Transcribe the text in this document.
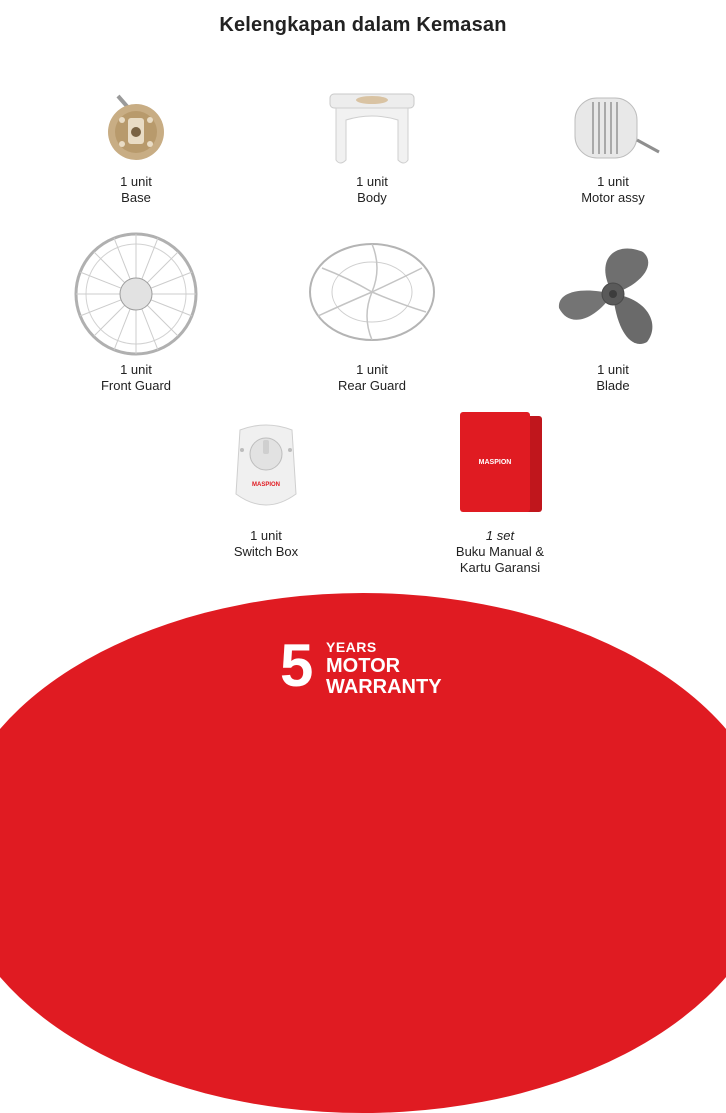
Kelengkapan dalam Kemasan
1 unit
Base
1 unit
Body
1 unit
Motor assy
1 unit
Front Guard
1 unit
Rear Guard
1 unit
Blade
MASPION
1 unit
Switch Box
MASPION
1 set
Buku Manual &
Kartu Garansi
5 YEARS
MOTOR
WARRANTY
